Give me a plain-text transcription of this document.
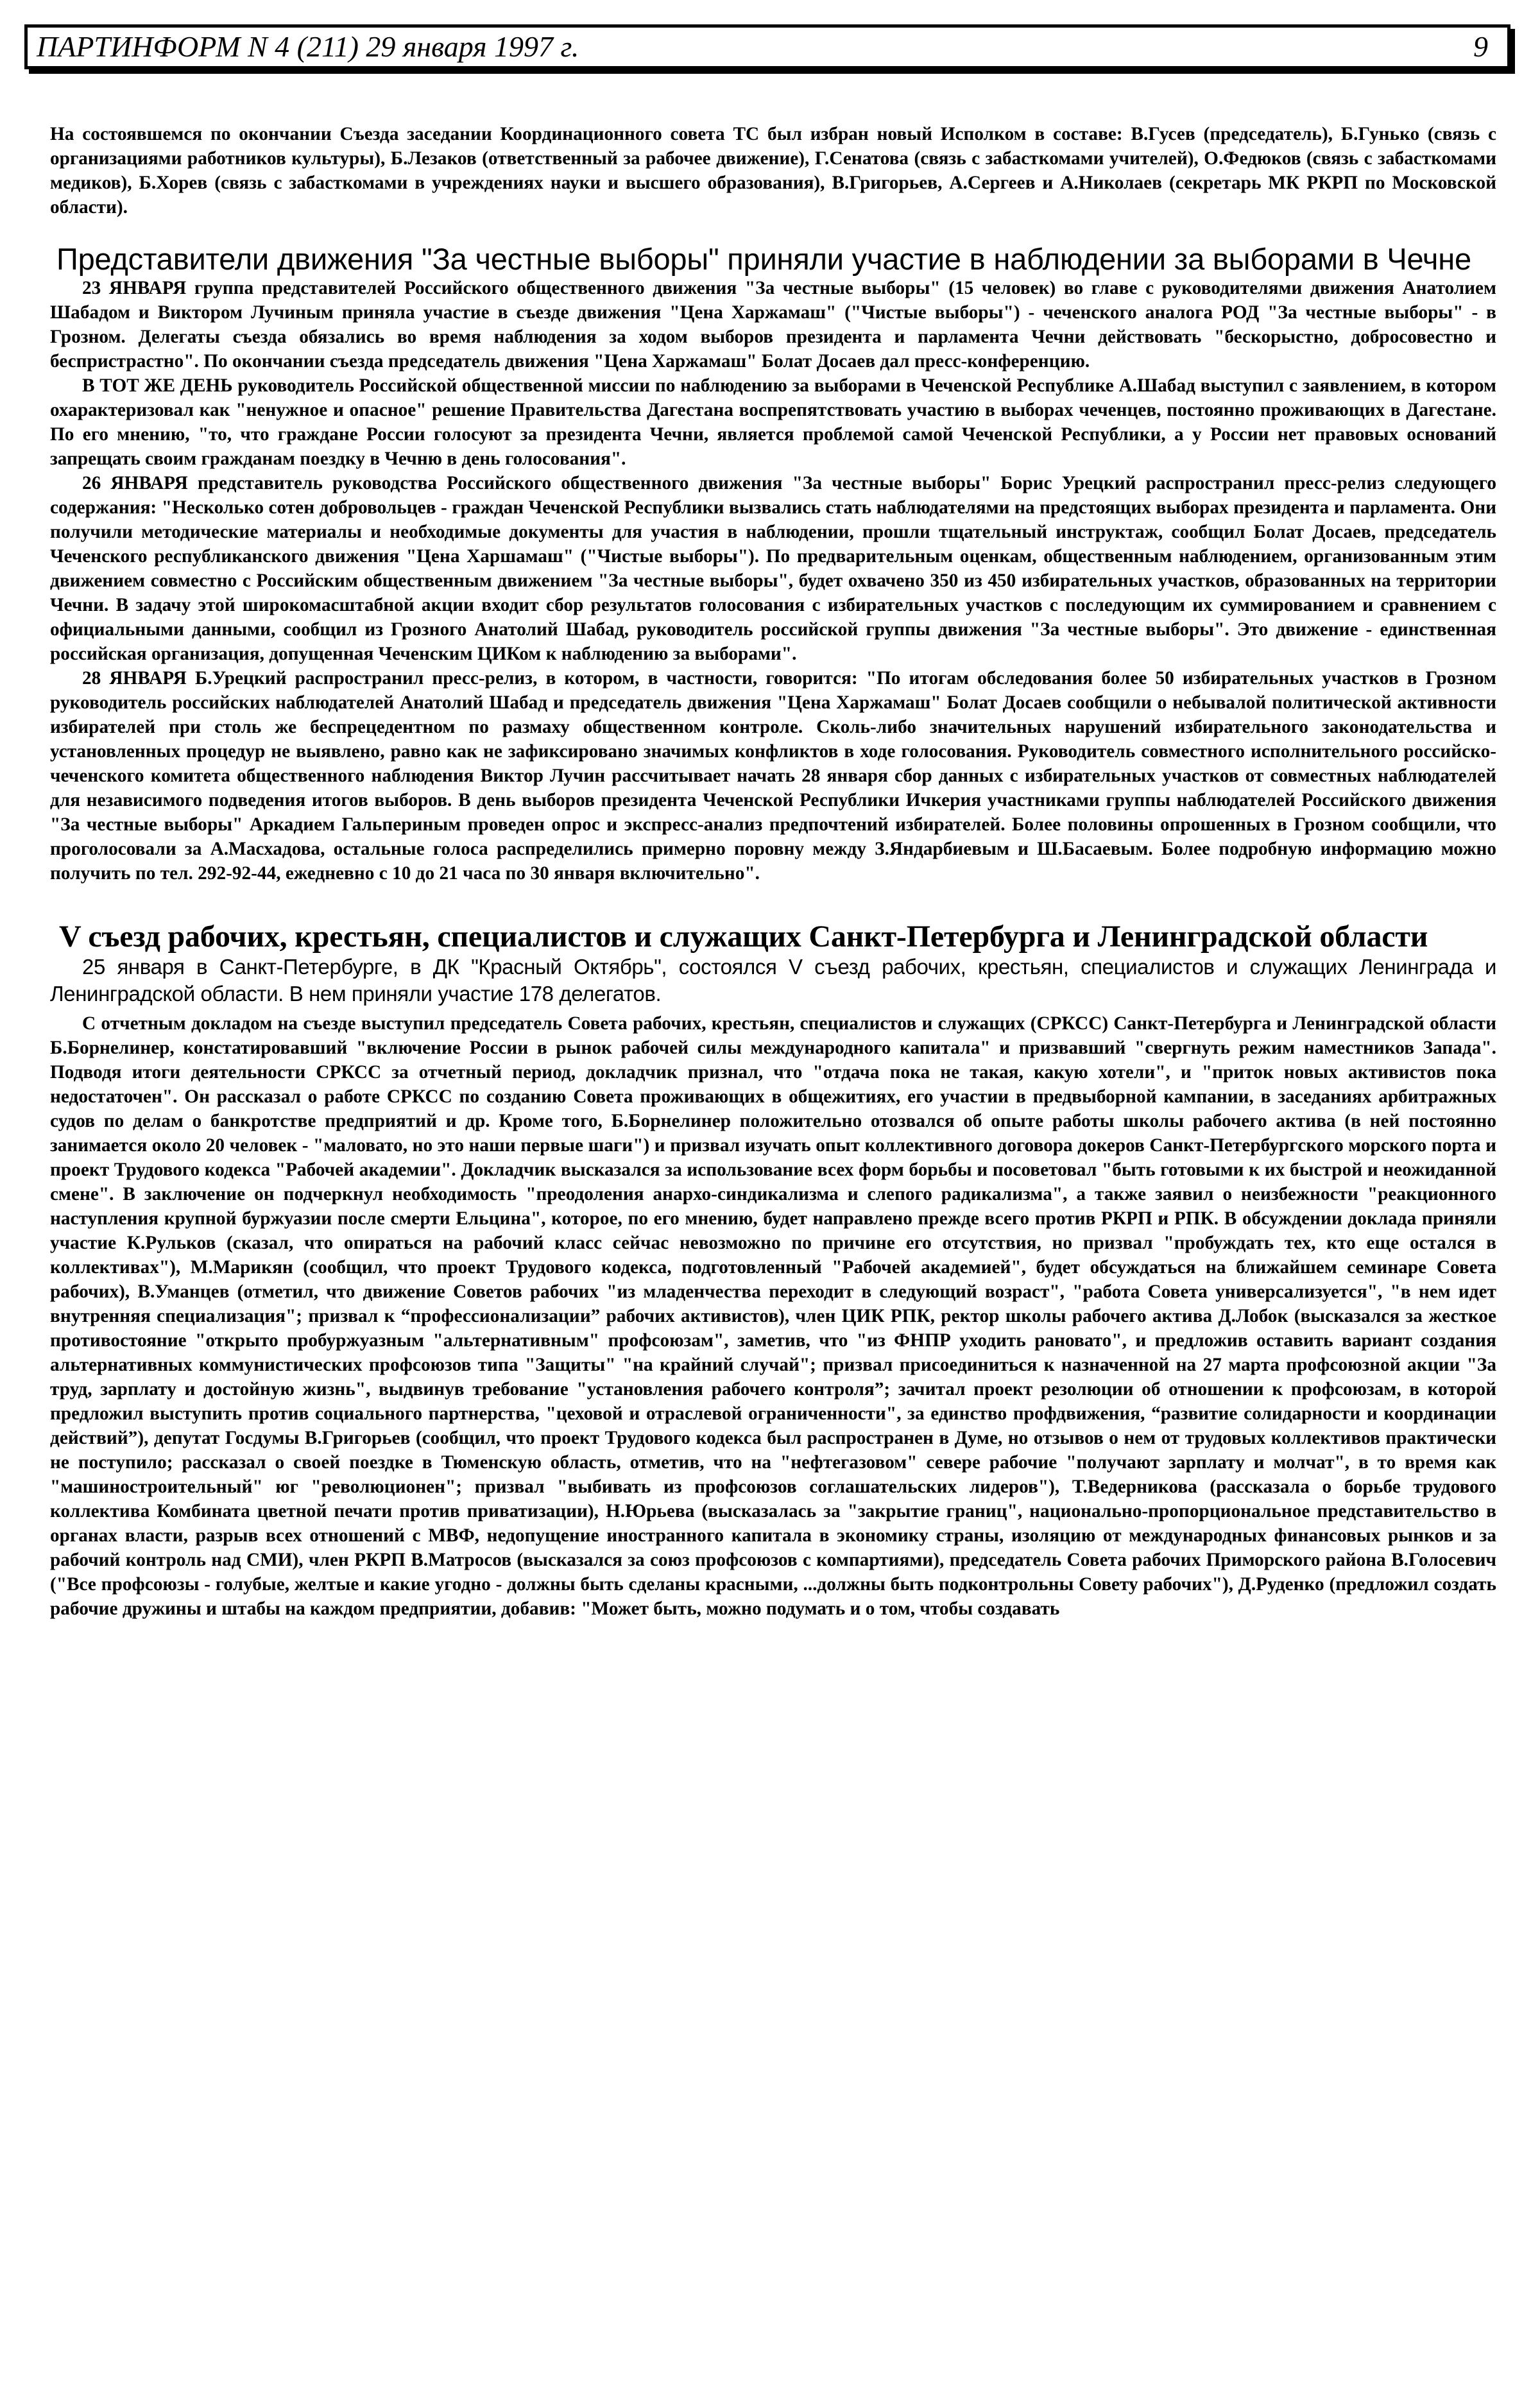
ПАРТИНФОРМ N 4 (211) 29 января 1997 г.	9

На состоявшемся по окончании Съезда заседании Координационного совета ТС был избран новый Исполком в составе: В.Гусев (председатель), Б.Гунько (связь с организациями работников культуры), Б.Лезаков (ответственный за рабочее движение), Г.Сенатова (связь с забасткомами учителей), О.Федюков (связь с забасткомами медиков), Б.Хорев (связь с забасткомами в учреждениях науки и высшего образования), В.Григорьев, А.Сергеев и А.Николаев (секретарь МК РКРП по Московской области).

Представители движения "За честные выборы" приняли участие в наблюдении за выборами в Чечне

23 ЯНВАРЯ группа представителей Российского общественного движения "За честные выборы" (15 человек) во главе с руководителями движения Анатолием Шабадом и Виктором Лучиным приняла участие в съезде движения "Цена Харжамаш" ("Чистые выборы") - чеченского аналога РОД "За честные выборы" - в Грозном. Делегаты съезда обязались во время наблюдения за ходом выборов президента и парламента Чечни действовать "бескорыстно, добросовестно и беспристрастно". По окончании съезда председатель движения "Цена Харжамаш" Болат Досаев дал пресс-конференцию.

В ТОТ ЖЕ ДЕНЬ руководитель Российской общественной миссии по наблюдению за выборами в Чеченской Республике А.Шабад выступил с заявлением, в котором охарактеризовал как "ненужное и опасное" решение Правительства Дагестана воспрепятствовать участию в выборах чеченцев, постоянно проживающих в Дагестане. По его мнению, "то, что граждане России голосуют за президента Чечни, является проблемой самой Чеченской Республики, а у России нет правовых оснований запрещать своим гражданам поездку в Чечню в день голосования".

26 ЯНВАРЯ представитель руководства Российского общественного движения "За честные выборы" Борис Урецкий распространил пресс-релиз следующего содержания: "Несколько сотен добровольцев - граждан Чеченской Республики вызвались стать наблюдателями на предстоящих выборах президента и парламента. Они получили методические материалы и необходимые документы для участия в наблюдении, прошли тщательный инструктаж, сообщил Болат Досаев, председатель Чеченского республиканского движения "Цена Харшамаш" ("Чистые выборы"). По предварительным оценкам, общественным наблюдением, организованным этим движением совместно с Российским общественным движением "За честные выборы", будет охвачено 350 из 450 избирательных участков, образованных на территории Чечни. В задачу этой широкомасштабной акции входит сбор результатов голосования с избирательных участков с последующим их суммированием и сравнением с официальными данными, сообщил из Грозного Анатолий Шабад, руководитель российской группы движения "За честные выборы". Это движение - единственная российская организация, допущенная Чеченским ЦИКом к наблюдению за выборами".

28 ЯНВАРЯ Б.Урецкий распространил пресс-релиз, в котором, в частности, говорится: "По итогам обследования более 50 избирательных участков в Грозном руководитель российских наблюдателей Анатолий Шабад и председатель движения "Цена Харжамаш" Болат Досаев сообщили о небывалой политической активности избирателей при столь же беспрецедентном по размаху общественном контроле. Сколь-либо значительных нарушений избирательного законодательства и установленных процедур не выявлено, равно как не зафиксировано значимых конфликтов в ходе голосования. Руководитель совместного исполнительного российско-чеченского комитета общественного наблюдения Виктор Лучин рассчитывает начать 28 января сбор данных с избирательных участков от совместных наблюдателей для независимого подведения итогов выборов. В день выборов президента Чеченской Республики Ичкерия участниками группы наблюдателей Российского движения "За честные выборы" Аркадием Гальпериным проведен опрос и экспресс-анализ предпочтений избирателей. Более половины опрошенных в Грозном сообщили, что проголосовали за А.Масхадова, остальные голоса распределились примерно поровну между З.Яндарбиевым и Ш.Басаевым. Более подробную информацию можно получить по тел. 292-92-44, ежедневно с 10 до 21 часа по 30 января включительно".

V съезд рабочих, крестьян, специалистов и служащих Санкт-Петербурга и Ленинградской области

25 января в Санкт-Петербурге, в ДК "Красный Октябрь", состоялся V съезд рабочих, крестьян, специалистов и служащих Ленинграда и Ленинградской области. В нем приняли участие 178 делегатов.

С отчетным докладом на съезде выступил председатель Совета рабочих, крестьян, специалистов и служащих (СРКСС) Санкт-Петербурга и Ленинградской области Б.Борнелинер, констатировавший "включение России в рынок рабочей силы международного капитала" и призвавший "свергнуть режим наместников Запада". Подводя итоги деятельности СРКСС за отчетный период, докладчик признал, что "отдача пока не такая, какую хотели", и "приток новых активистов пока недостаточен". Он рассказал о работе СРКСС по созданию Совета проживающих в общежитиях, его участии в предвыборной кампании, в заседаниях арбитражных судов по делам о банкротстве предприятий и др. Кроме того, Б.Борнелинер положительно отозвался об опыте работы школы рабочего актива (в ней постоянно занимается около 20 человек - "маловато, но это наши первые шаги") и призвал изучать опыт коллективного договора докеров Санкт-Петербургского морского порта и проект Трудового кодекса "Рабочей академии". Докладчик высказался за использование всех форм борьбы и посоветовал "быть готовыми к их быстрой и неожиданной смене". В заключение он подчеркнул необходимость "преодоления анархо-синдикализма и слепого радикализма", а также заявил о неизбежности "реакционного наступления крупной буржуазии после смерти Ельцина", которое, по его мнению, будет направлено прежде всего против РКРП и РПК. В обсуждении доклада приняли участие К.Рульков (сказал, что опираться на рабочий класс сейчас невозможно по причине его отсутствия, но призвал "пробуждать тех, кто еще остался в коллективах"), М.Марикян (сообщил, что проект Трудового кодекса, подготовленный "Рабочей академией", будет обсуждаться на ближайшем семинаре Совета рабочих), В.Уманцев (отметил, что движение Советов рабочих "из младенчества переходит в следующий возраст", "работа Совета универсализуется", "в нем идет внутренняя специализация"; призвал к “профессионализации” рабочих активистов), член ЦИК РПК, ректор школы рабочего актива Д.Лобок (высказался за жесткое противостояние "открыто пробуржуазным "альтернативным" профсоюзам", заметив, что "из ФНПР уходить рановато", и предложив оставить вариант создания альтернативных коммунистических профсоюзов типа "Защиты" "на крайний случай"; призвал присоединиться к назначенной на 27 марта профсоюзной акции "За труд, зарплату и достойную жизнь", выдвинув требование "установления рабочего контроля”; зачитал проект резолюции об отношении к профсоюзам, в которой предложил выступить против социального партнерства, "цеховой и отраслевой ограниченности", за единство профдвижения, “развитие солидарности и координации действий”), депутат Госдумы В.Григорьев (сообщил, что проект Трудового кодекса был распространен в Думе, но отзывов о нем от трудовых коллективов практически не поступило; рассказал о своей поездке в Тюменскую область, отметив, что на "нефтегазовом" севере рабочие "получают зарплату и молчат", в то время как "машиностроительный" юг "революционен"; призвал "выбивать из профсоюзов соглашательских лидеров"), Т.Ведерникова (рассказала о борьбе трудового коллектива Комбината цветной печати против приватизации), Н.Юрьева (высказалась за "закрытие границ", национально-пропорциональное представительство в органах власти, разрыв всех отношений с МВФ, недопущение иностранного капитала в экономику страны, изоляцию от международных финансовых рынков и за рабочий контроль над СМИ), член РКРП В.Матросов (высказался за союз профсоюзов с компартиями), председатель Совета рабочих Приморского района В.Голосевич ("Все профсоюзы - голубые, желтые и какие угодно - должны быть сделаны красными, ...должны быть подконтрольны Совету рабочих"), Д.Руденко (предложил создать рабочие дружины и штабы на каждом предприятии, добавив: "Может быть, можно подумать и о том, чтобы создавать
